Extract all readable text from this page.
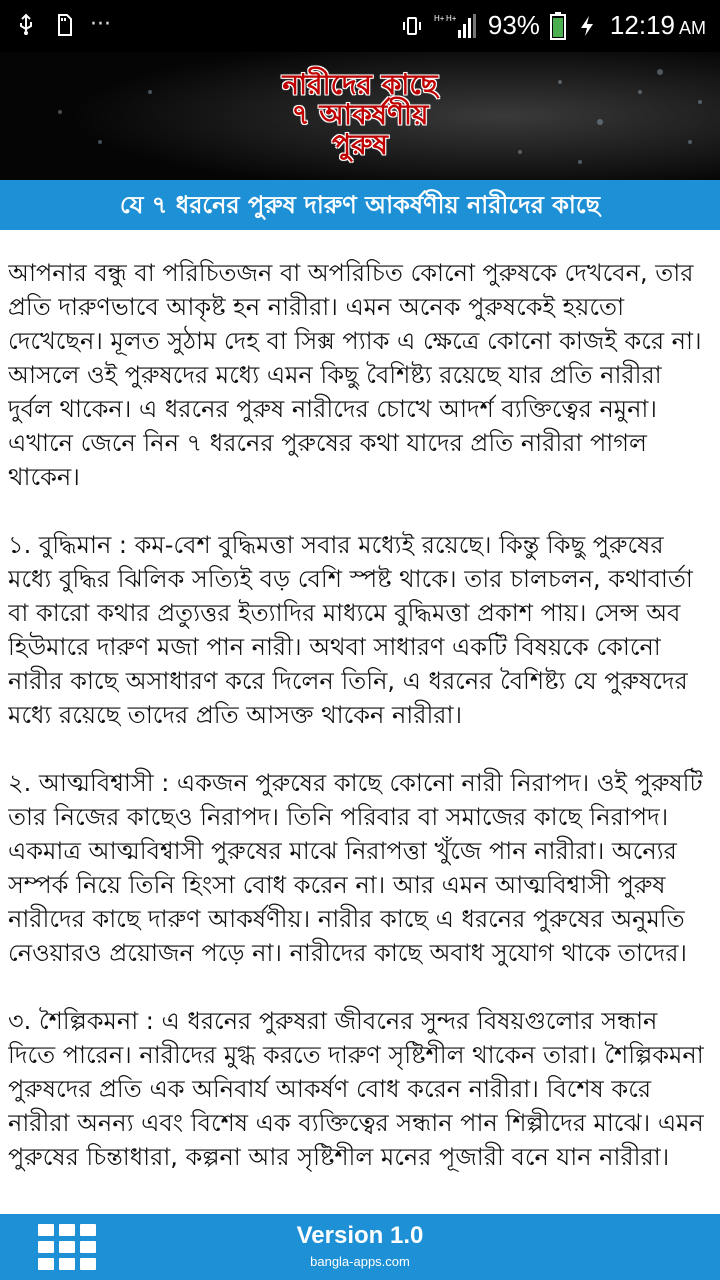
···	H+ H+ 93%	12:19 AM
নারীদের কাছে
৭ আকর্ষণীয়
পুরুষ
যে ৭ ধরনের পুরুষ দারুণ আকর্ষণীয় নারীদের কাছে

আপনার বন্ধু বা পরিচিতজন বা অপরিচিত কোনো পুরুষকে দেখবেন, তার প্রতি দারুণভাবে আকৃষ্ট হন নারীরা। এমন অনেক পুরুষকেই হয়তো দেখেছেন। মূলত সুঠাম দেহ বা সিক্স প্যাক এ ক্ষেত্রে কোনো কাজই করে না। আসলে ওই পুরুষদের মধ্যে এমন কিছু বৈশিষ্ট্য রয়েছে যার প্রতি নারীরা দুর্বল থাকেন। এ ধরনের পুরুষ নারীদের চোখে আদর্শ ব্যক্তিত্বের নমুনা। এখানে জেনে নিন ৭ ধরনের পুরুষের কথা যাদের প্রতি নারীরা পাগল থাকেন।

১. বুদ্ধিমান : কম-বেশ বুদ্ধিমত্তা সবার মধ্যেই রয়েছে। কিন্তু কিছু পুরুষের মধ্যে বুদ্ধির ঝিলিক সত্যিই বড় বেশি স্পষ্ট থাকে। তার চালচলন, কথাবার্তা বা কারো কথার প্রত্যুত্তর ইত্যাদির মাধ্যমে বুদ্ধিমত্তা প্রকাশ পায়। সেন্স অব হিউমারে দারুণ মজা পান নারী। অথবা সাধারণ একটি বিষয়কে কোনো নারীর কাছে অসাধারণ করে দিলেন তিনি, এ ধরনের বৈশিষ্ট্য যে পুরুষদের মধ্যে রয়েছে তাদের প্রতি আসক্ত থাকেন নারীরা।

২. আত্মবিশ্বাসী : একজন পুরুষের কাছে কোনো নারী নিরাপদ। ওই পুরুষটি তার নিজের কাছেও নিরাপদ। তিনি পরিবার বা সমাজের কাছে নিরাপদ। একমাত্র আত্মবিশ্বাসী পুরুষের মাঝে নিরাপত্তা খুঁজে পান নারীরা। অন্যের সম্পর্ক নিয়ে তিনি হিংসা বোধ করেন না। আর এমন আত্মবিশ্বাসী পুরুষ নারীদের কাছে দারুণ আকর্ষণীয়। নারীর কাছে এ ধরনের পুরুষের অনুমতি নেওয়ারও প্রয়োজন পড়ে না। নারীদের কাছে অবাধ সুযোগ থাকে তাদের।

৩. শৈল্পিকমনা : এ ধরনের পুরুষরা জীবনের সুন্দর বিষয়গুলোর সন্ধান দিতে পারেন। নারীদের মুগ্ধ করতে দারুণ সৃষ্টিশীল থাকেন তারা। শৈল্পিকমনা পুরুষদের প্রতি এক অনিবার্য আকর্ষণ বোধ করেন নারীরা। বিশেষ করে নারীরা অনন্য এবং বিশেষ এক ব্যক্তিত্বের সন্ধান পান শিল্পীদের মাঝে। এমন পুরুষের চিন্তাধারা, কল্পনা আর সৃষ্টিশীল মনের পূজারী বনে যান নারীরা।

Version 1.0
bangla-apps.com
